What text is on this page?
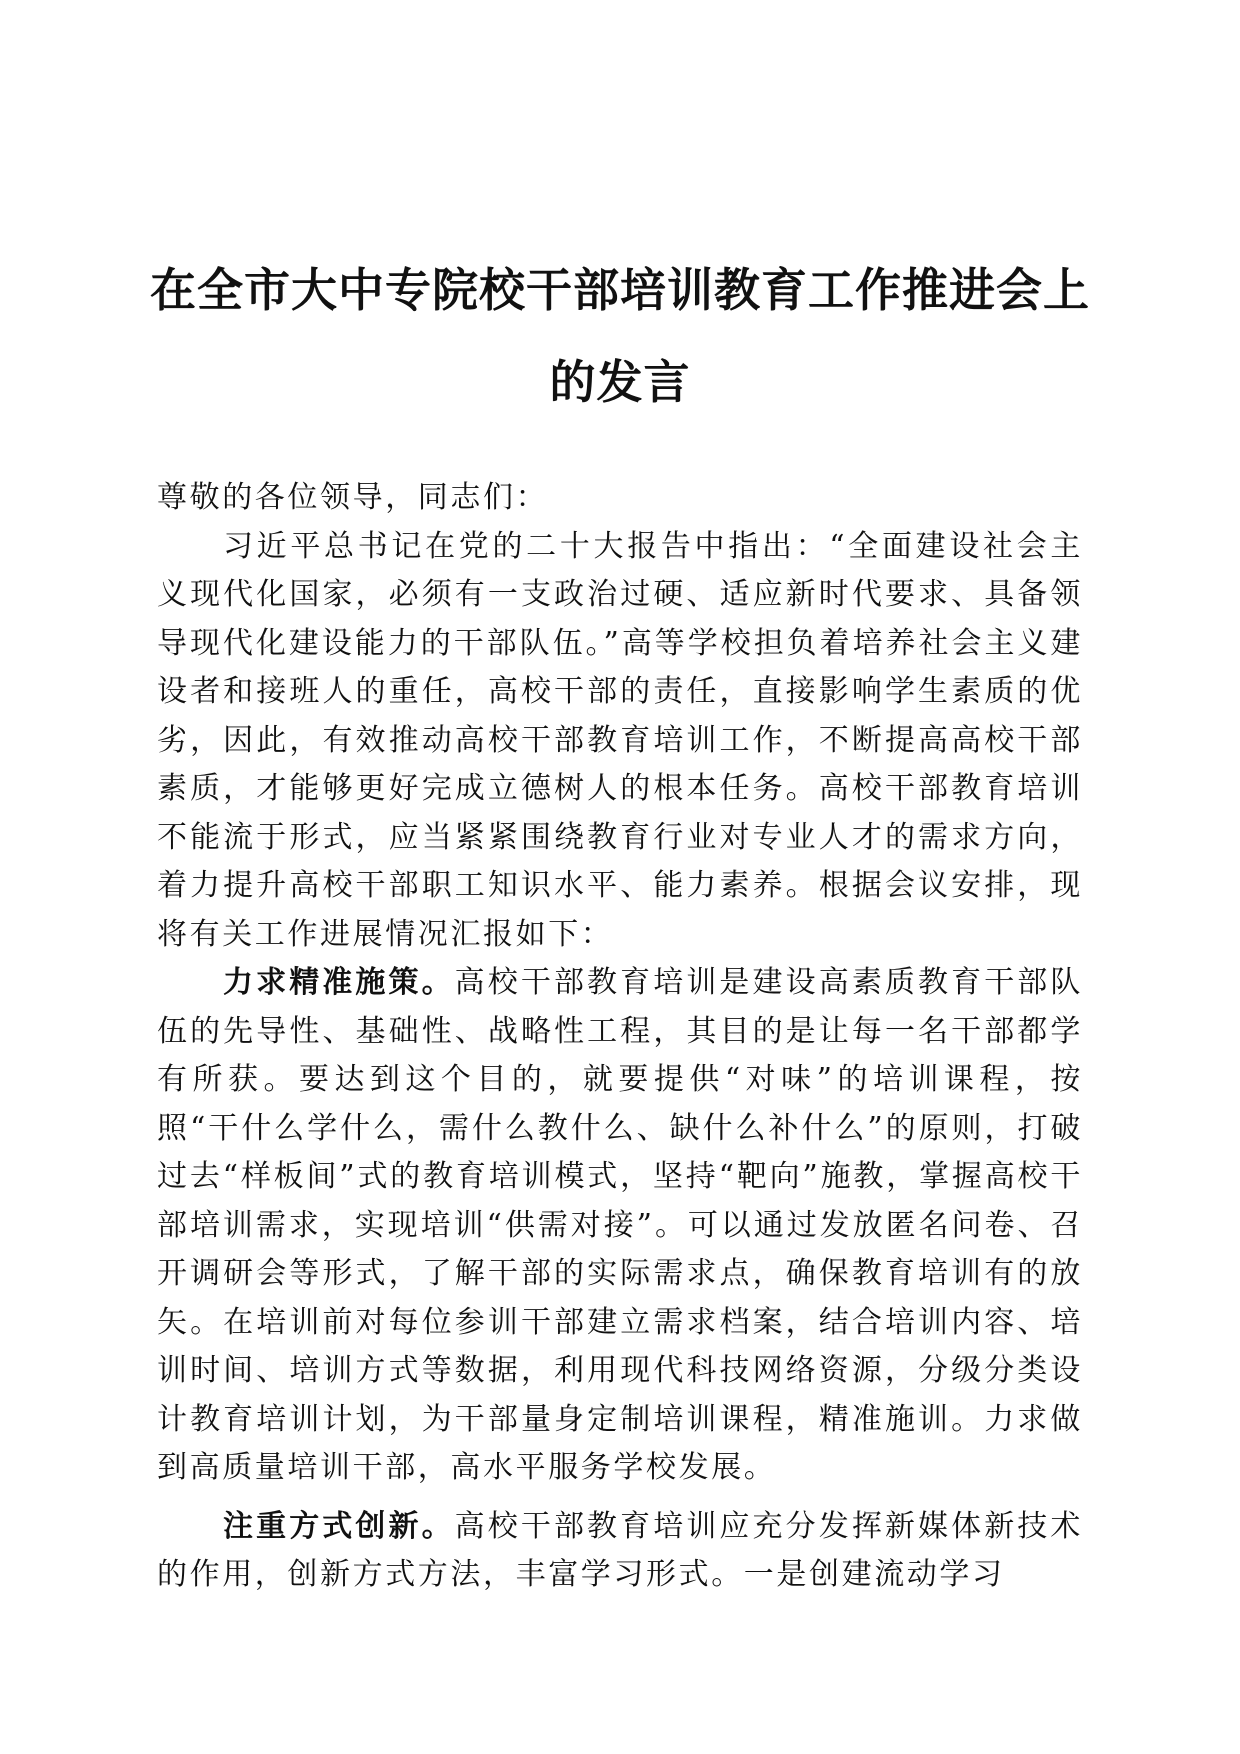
在全市大中专院校干部培训教育工作推进会上
的发言

尊敬的各位领导，同志们：

习近平总书记在党的二十大报告中指出：“全面建设社会主义现代化国家，必须有一支政治过硬、适应新时代要求、具备领导现代化建设能力的干部队伍。”高等学校担负着培养社会主义建设者和接班人的重任，高校干部的责任，直接影响学生素质的优劣，因此，有效推动高校干部教育培训工作，不断提高高校干部素质，才能够更好完成立德树人的根本任务。高校干部教育培训不能流于形式，应当紧紧围绕教育行业对专业人才的需求方向，着力提升高校干部职工知识水平、能力素养。根据会议安排，现将有关工作进展情况汇报如下：

力求精准施策。高校干部教育培训是建设高素质教育干部队伍的先导性、基础性、战略性工程，其目的是让每一名干部都学有所获。要达到这个目的，就要提供“对味”的培训课程，按照“干什么学什么，需什么教什么、缺什么补什么”的原则，打破过去“样板间”式的教育培训模式，坚持“靶向”施教，掌握高校干部培训需求，实现培训“供需对接”。可以通过发放匿名问卷、召开调研会等形式，了解干部的实际需求点，确保教育培训有的放矢。在培训前对每位参训干部建立需求档案，结合培训内容、培训时间、培训方式等数据，利用现代科技网络资源，分级分类设计教育培训计划，为干部量身定制培训课程，精准施训。力求做到高质量培训干部，高水平服务学校发展。

注重方式创新。高校干部教育培训应充分发挥新媒体新技术的作用，创新方式方法，丰富学习形式。一是创建流动学习
